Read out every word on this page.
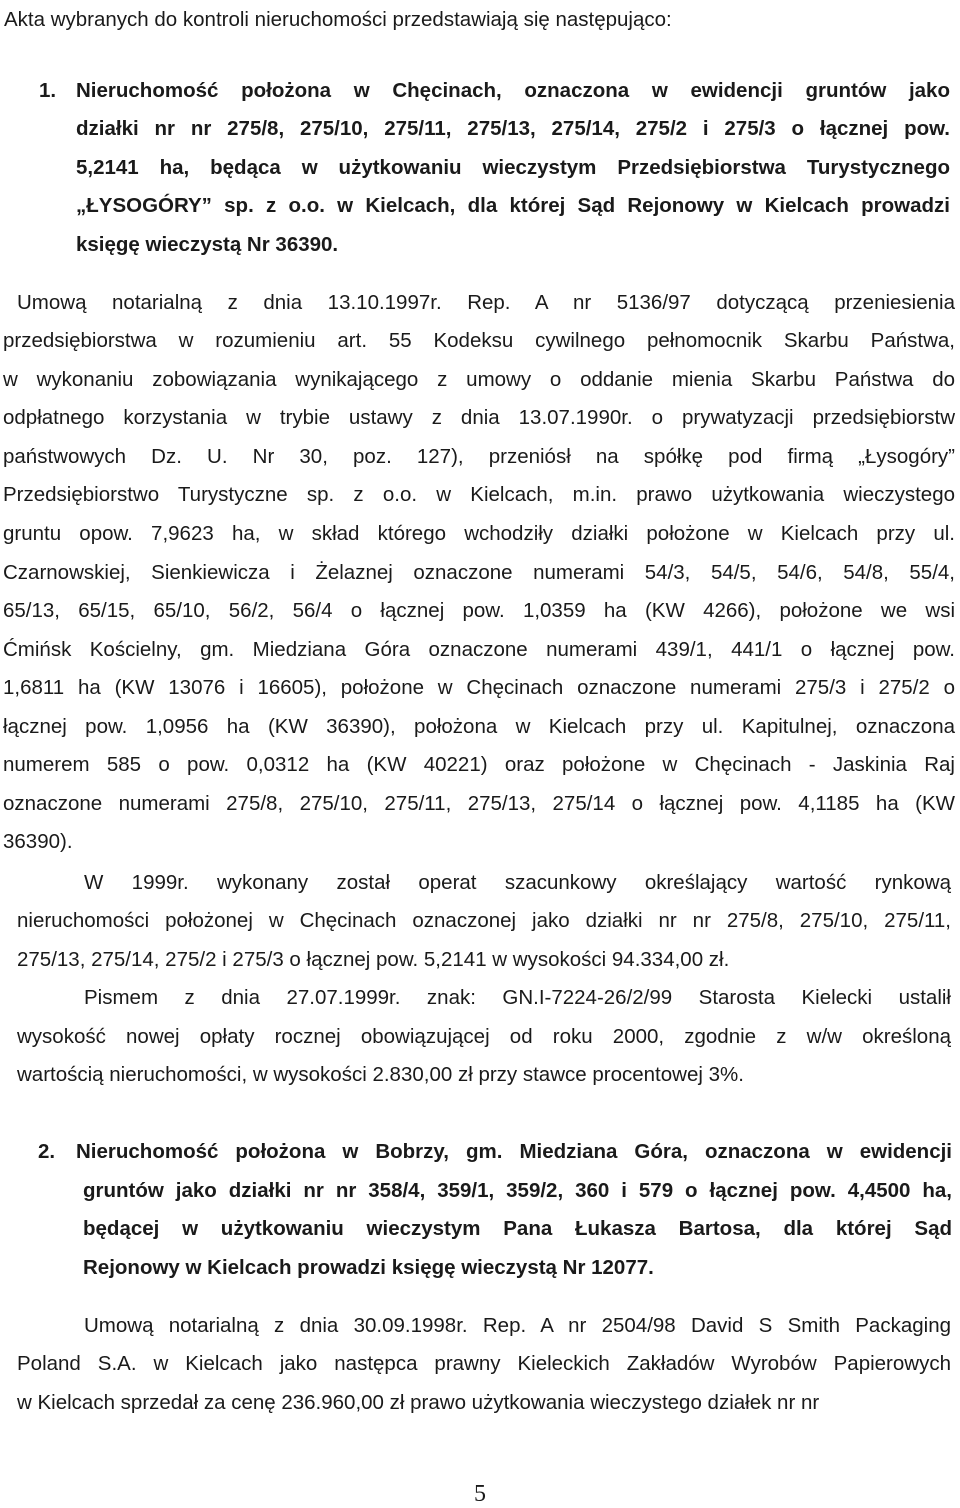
Akta wybranych do kontroli nieruchomości przedstawiają się następująco:
1. Nieruchomość położona w Chęcinach, oznaczona w ewidencji gruntów jako
działki nr nr 275/8, 275/10, 275/11, 275/13, 275/14, 275/2 i 275/3 o łącznej pow.
5,2141 ha, będąca w użytkowaniu wieczystym Przedsiębiorstwa Turystycznego
„ŁYSOGÓRY” sp. z o.o. w Kielcach, dla której Sąd Rejonowy w Kielcach prowadzi
księgę wieczystą Nr 36390.
Umową notarialną z dnia 13.10.1997r. Rep. A nr 5136/97 dotyczącą przeniesienia
przedsiębiorstwa w rozumieniu art. 55 Kodeksu cywilnego pełnomocnik Skarbu Państwa,
w wykonaniu zobowiązania wynikającego z umowy o oddanie mienia Skarbu Państwa do
odpłatnego korzystania w trybie ustawy z dnia 13.07.1990r. o prywatyzacji przedsiębiorstw
państwowych Dz. U. Nr 30, poz. 127), przeniósł na spółkę pod firmą „Łysogóry”
Przedsiębiorstwo Turystyczne sp. z o.o. w Kielcach, m.in. prawo użytkowania wieczystego
gruntu opow. 7,9623 ha, w skład którego wchodziły działki położone w Kielcach przy ul.
Czarnowskiej, Sienkiewicza i Żelaznej oznaczone numerami 54/3, 54/5, 54/6, 54/8, 55/4,
65/13, 65/15, 65/10, 56/2, 56/4 o łącznej pow. 1,0359 ha (KW 4266), położone we wsi
Ćmińsk Kościelny, gm. Miedziana Góra oznaczone numerami 439/1, 441/1 o łącznej pow.
1,6811 ha (KW 13076 i 16605), położone w Chęcinach oznaczone numerami 275/3 i 275/2 o
łącznej pow. 1,0956 ha (KW 36390), położona w Kielcach przy ul. Kapitulnej, oznaczona
numerem 585 o pow. 0,0312 ha (KW 40221) oraz położone w Chęcinach - Jaskinia Raj
oznaczone numerami 275/8, 275/10, 275/11, 275/13, 275/14 o łącznej pow. 4,1185 ha (KW
36390).
W 1999r. wykonany został operat szacunkowy określający wartość rynkową
nieruchomości położonej w Chęcinach oznaczonej jako działki nr nr 275/8, 275/10, 275/11,
275/13, 275/14, 275/2 i 275/3 o łącznej pow. 5,2141 w wysokości 94.334,00 zł.
Pismem z dnia 27.07.1999r. znak: GN.I-7224-26/2/99 Starosta Kielecki ustalił
wysokość nowej opłaty rocznej obowiązującej od roku 2000, zgodnie z w/w określoną
wartością nieruchomości, w wysokości 2.830,00 zł przy stawce procentowej 3%.
2. Nieruchomość położona w Bobrzy, gm. Miedziana Góra, oznaczona w ewidencji
gruntów jako działki nr nr 358/4, 359/1, 359/2, 360 i 579 o łącznej pow. 4,4500 ha,
będącej w użytkowaniu wieczystym Pana Łukasza Bartosa, dla której Sąd
Rejonowy w Kielcach prowadzi księgę wieczystą Nr 12077.
Umową notarialną z dnia 30.09.1998r. Rep. A nr 2504/98 David S Smith Packaging
Poland S.A. w Kielcach jako następca prawny Kieleckich Zakładów Wyrobów Papierowych
w Kielcach sprzedał za cenę 236.960,00 zł prawo użytkowania wieczystego działek nr nr
5
